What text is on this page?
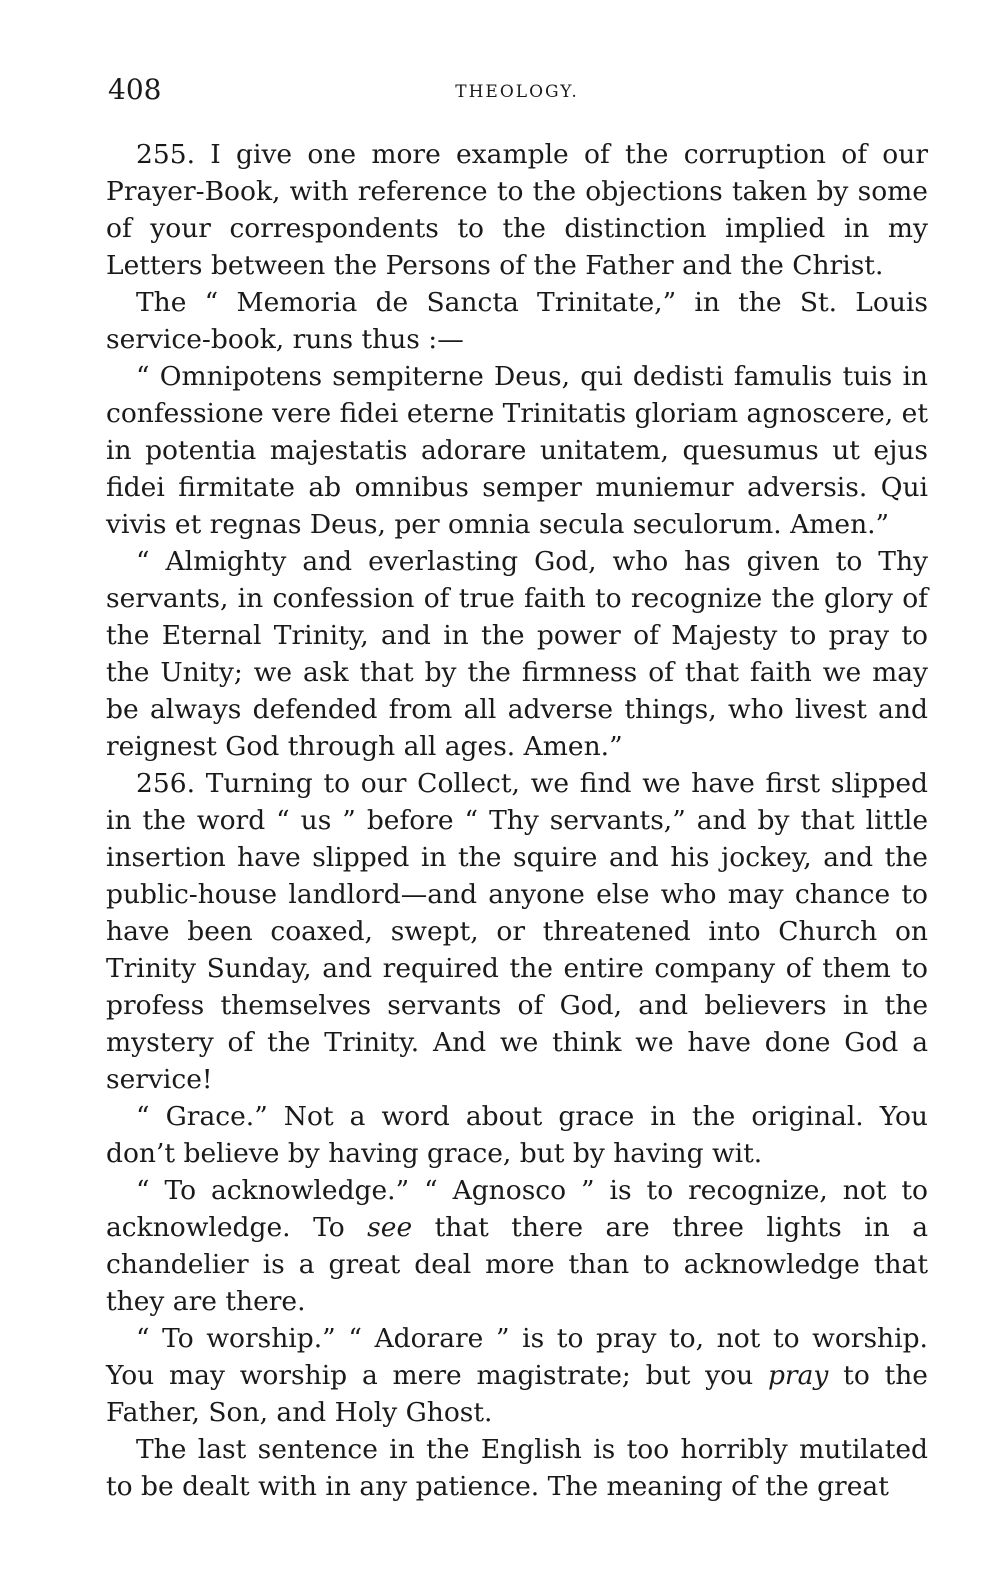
408	THEOLOGY.

255. I give one more example of the corruption of our Prayer-Book, with reference to the objections taken by some of your correspondents to the distinction implied in my Letters between the Persons of the Father and the Christ.

The “ Memoria de Sancta Trinitate,” in the St. Louis service-book, runs thus :—

“ Omnipotens sempiterne Deus, qui dedisti famulis tuis in confessione vere fidei eterne Trinitatis gloriam agnoscere, et in potentia majestatis adorare unitatem, quesumus ut ejus fidei firmitate ab omnibus semper muniemur adversis. Qui vivis et regnas Deus, per omnia secula seculorum. Amen.”

“ Almighty and everlasting God, who has given to Thy servants, in confession of true faith to recognize the glory of the Eternal Trinity, and in the power of Majesty to pray to the Unity; we ask that by the firmness of that faith we may be always defended from all adverse things, who livest and reignest God through all ages. Amen.”

256. Turning to our Collect, we find we have first slipped in the word “ us ” before “ Thy servants,” and by that little insertion have slipped in the squire and his jockey, and the public-house landlord—and anyone else who may chance to have been coaxed, swept, or threatened into Church on Trinity Sunday, and required the entire company of them to profess themselves servants of God, and believers in the mystery of the Trinity. And we think we have done God a service!

“ Grace.” Not a word about grace in the original. You don’t believe by having grace, but by having wit.

“ To acknowledge.” “ Agnosco ” is to recognize, not to acknowledge. To see that there are three lights in a chandelier is a great deal more than to acknowledge that they are there.

“ To worship.” “ Adorare ” is to pray to, not to worship. You may worship a mere magistrate; but you pray to the Father, Son, and Holy Ghost.

The last sentence in the English is too horribly mutilated to be dealt with in any patience. The meaning of the great
